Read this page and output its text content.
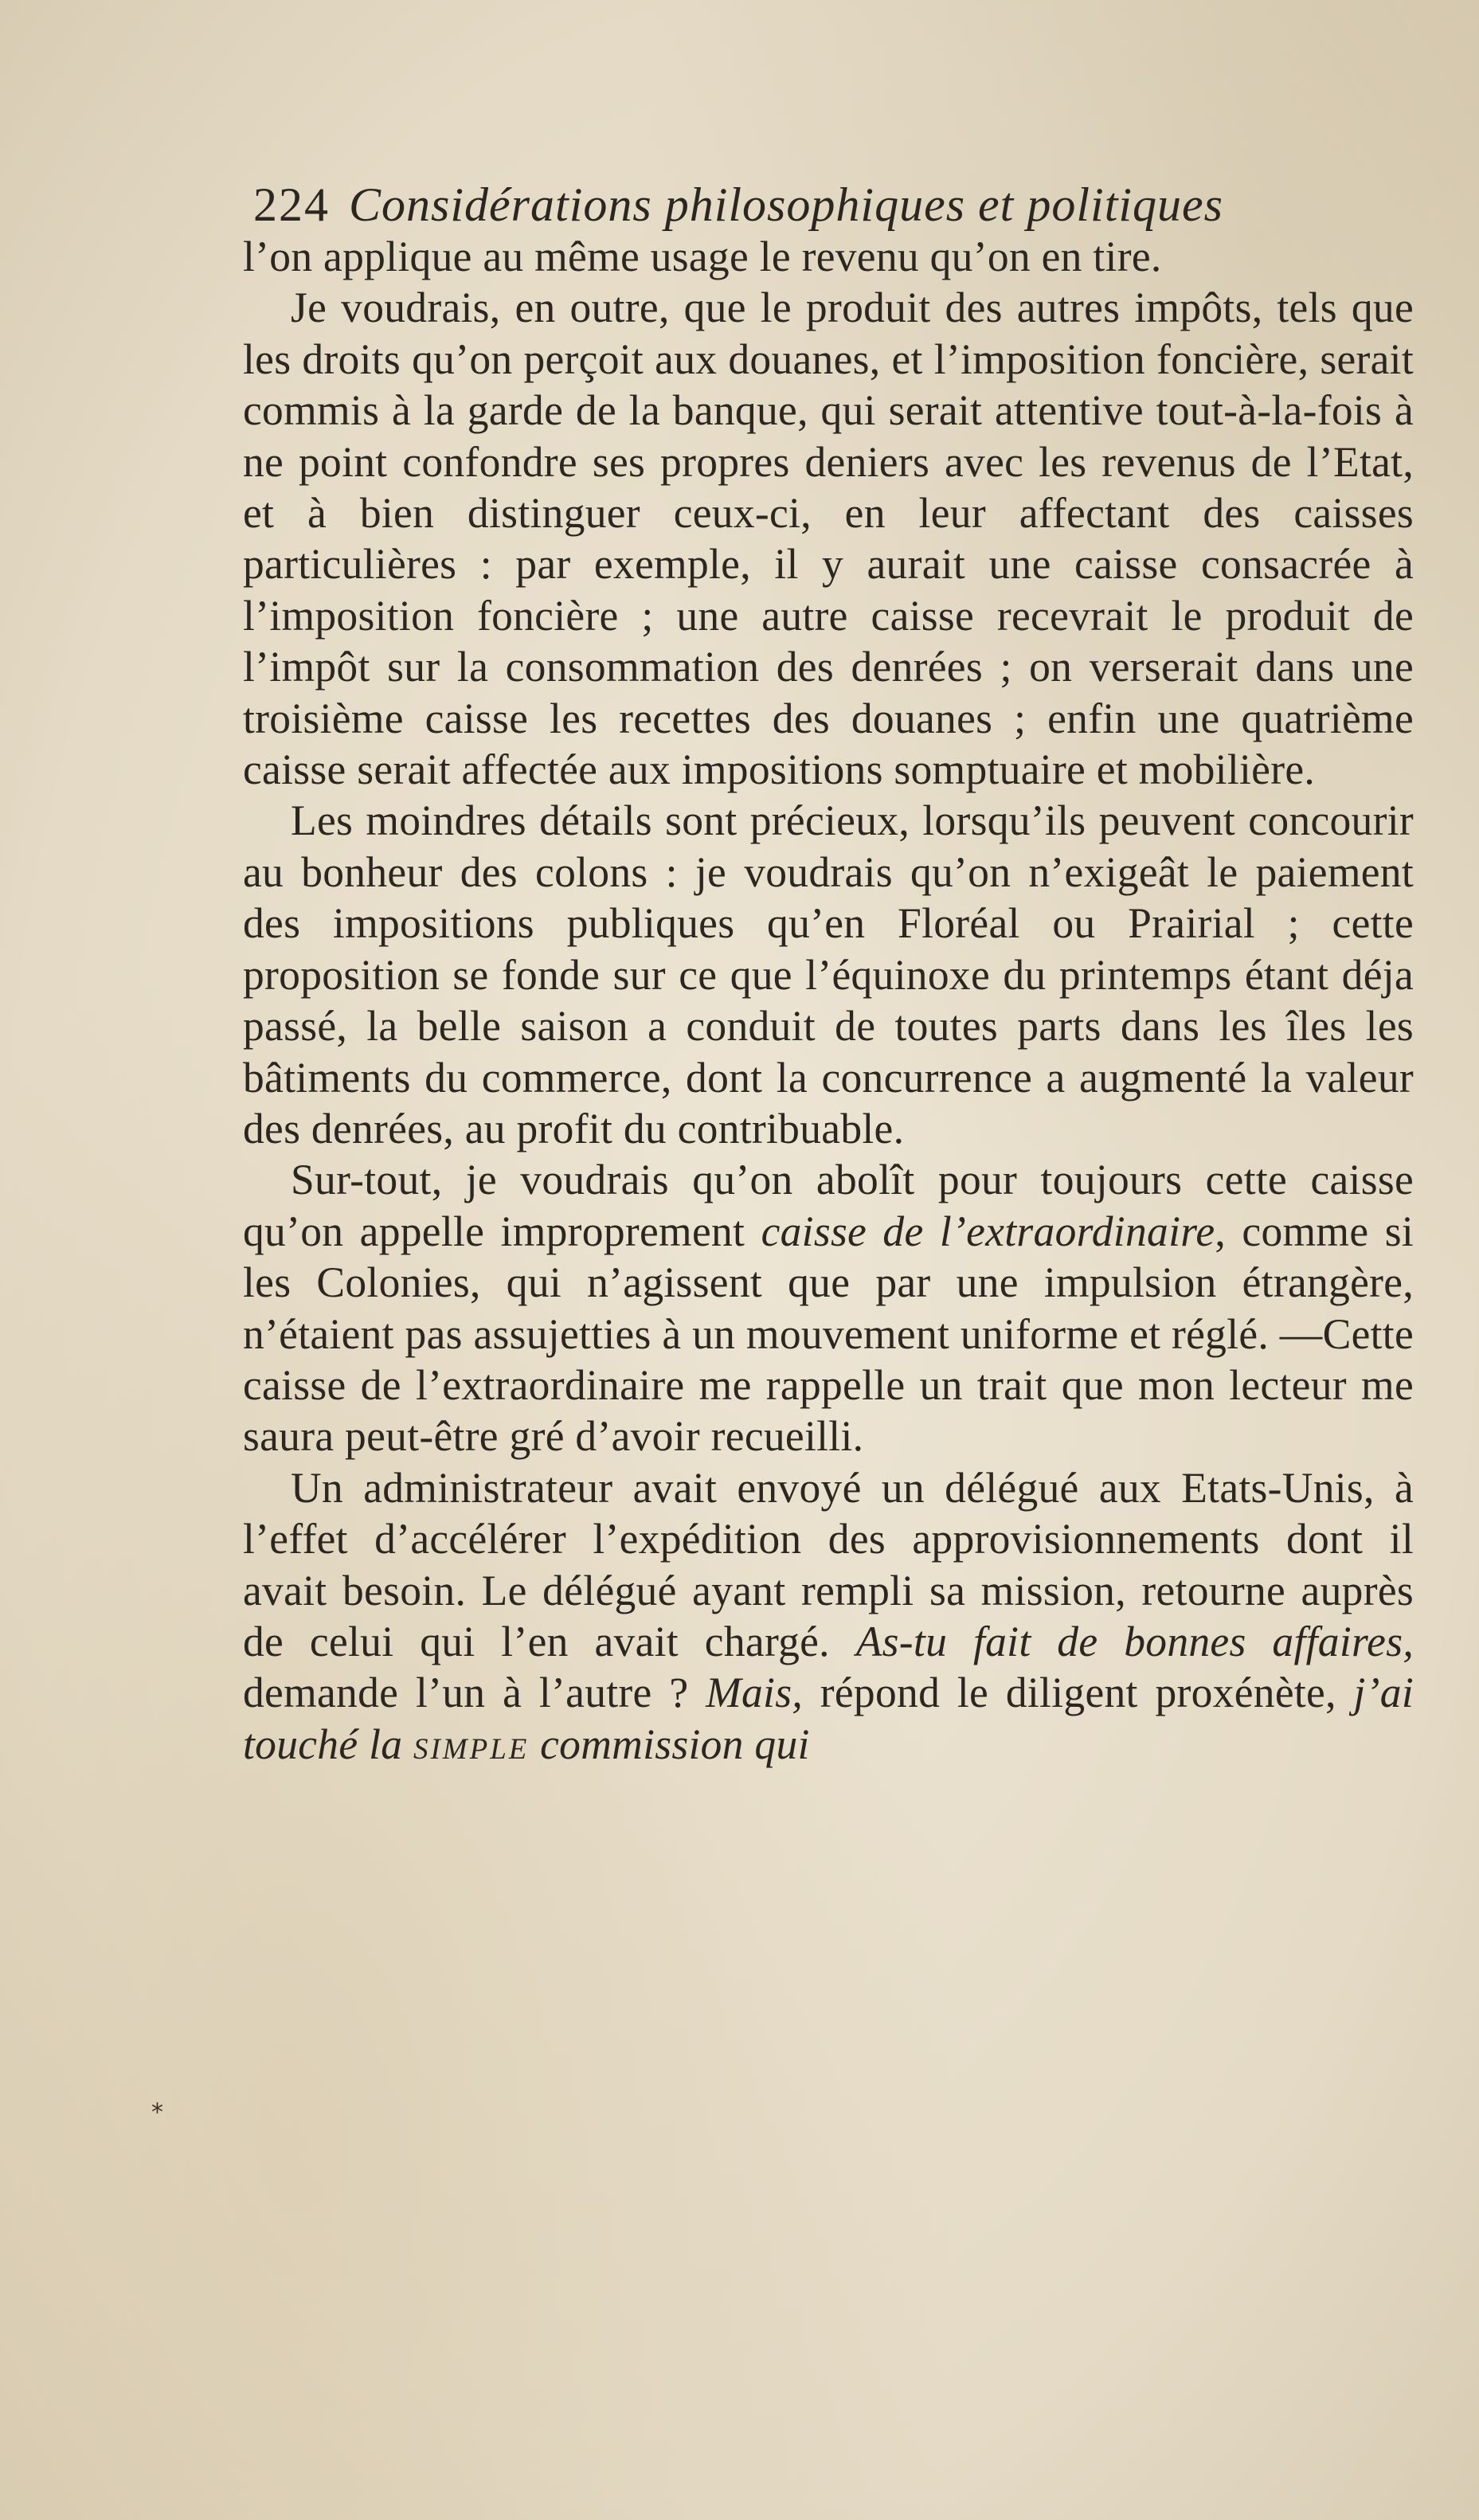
224 Considérations philosophiques et politiques

l’on applique au même usage le revenu qu’on en tire.

Je voudrais, en outre, que le produit des autres impôts, tels que les droits qu’on perçoit aux douanes, et l’imposition foncière, serait commis à la garde de la banque, qui serait attentive tout-à-la-fois à ne point confondre ses propres deniers avec les revenus de l’Etat, et à bien distinguer ceux-ci, en leur affectant des caisses particulières : par exemple, il y aurait une caisse consacrée à l’imposition foncière ; une autre caisse recevrait le produit de l’impôt sur la consommation des denrées ; on verserait dans une troisième caisse les recettes des douanes ; enfin une quatrième caisse serait affectée aux impositions somptuaire et mobilière.

Les moindres détails sont précieux, lorsqu’ils peuvent concourir au bonheur des colons : je voudrais qu’on n’exigeât le paiement des impositions publiques qu’en Floréal ou Prairial ; cette proposition se fonde sur ce que l’équinoxe du printemps étant déja passé, la belle saison a conduit de toutes parts dans les îles les bâtiments du commerce, dont la concurrence a augmenté la valeur des denrées, au profit du contribuable.

Sur-tout, je voudrais qu’on abolît pour toujours cette caisse qu’on appelle improprement caisse de l’extraordinaire, comme si les Colonies, qui n’agissent que par une impulsion étrangère, n’étaient pas assujetties à un mouvement uniforme et réglé. —Cette caisse de l’extraordinaire me rappelle un trait que mon lecteur me saura peut-être gré d’avoir recueilli.

Un administrateur avait envoyé un délégué aux Etats-Unis, à l’effet d’accélérer l’expédition des approvisionnements dont il avait besoin. Le délégué ayant rempli sa mission, retourne auprès de celui qui l’en avait chargé. As-tu fait de bonnes affaires, demande l’un à l’autre ? Mais, répond le diligent proxénète, j’ai touché la simple commission qui

*
